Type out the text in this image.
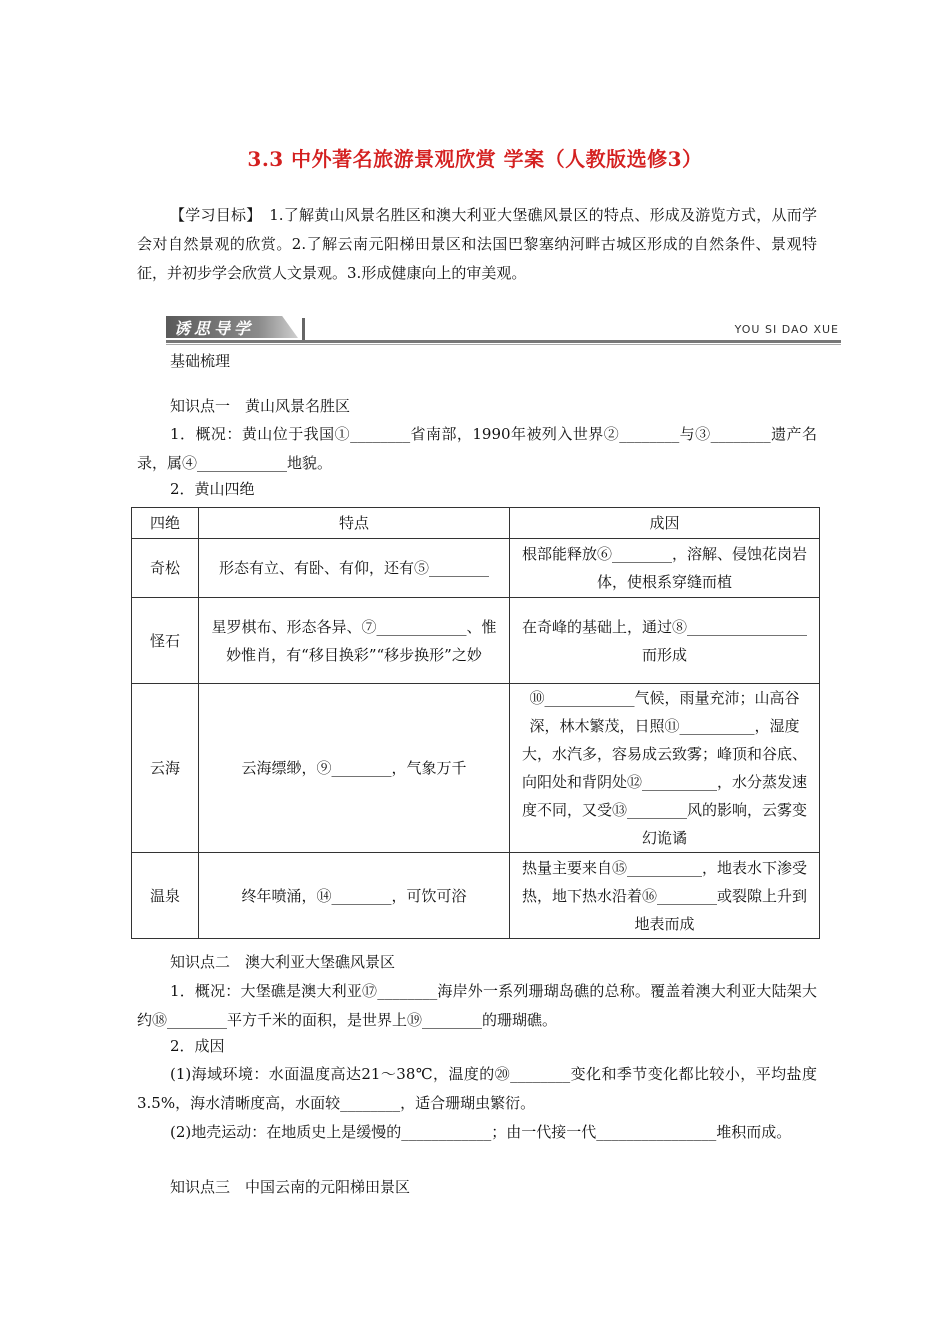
3.3 中外著名旅游景观欣赏 学案（人教版选修3）
【学习目标】　1.了解黄山风景名胜区和澳大利亚大堡礁风景区的特点、形成及游览方式，从而学会对自然景观的欣赏。2.了解云南元阳梯田景区和法国巴黎塞纳河畔古城区形成的自然条件、景观特征，并初步学会欣赏人文景观。3.形成健康向上的审美观。
诱思导学	YOU SI DAO XUE
基础梳理
知识点一　黄山风景名胜区
1．概况：黄山位于我国①________省南部，1990年被列入世界②________与③________遗产名录，属④____________地貌。
2．黄山四绝
四绝	特点	成因
奇松	形态有立、有卧、有仰，还有⑤________	根部能释放⑥________，溶解、侵蚀花岗岩体，使根系穿缝而植
怪石	星罗棋布、形态各异、⑦____________、惟妙惟肖，有“移目换彩”“移步换形”之妙	在奇峰的基础上，通过⑧________________而形成
云海	云海缥缈，⑨________，气象万千	⑩____________气候，雨量充沛；山高谷深，林木繁茂，日照⑪__________，湿度大，水汽多，容易成云致雾；峰顶和谷底、向阳处和背阴处⑫__________，水分蒸发速度不同，又受⑬________风的影响，云雾变幻诡谲
温泉	终年喷涌，⑭________，可饮可浴	热量主要来自⑮__________，地表水下渗受热，地下热水沿着⑯________或裂隙上升到地表而成
知识点二　澳大利亚大堡礁风景区
1．概况：大堡礁是澳大利亚⑰________海岸外一系列珊瑚岛礁的总称。覆盖着澳大利亚大陆架大约⑱________平方千米的面积，是世界上⑲________的珊瑚礁。
2．成因
(1)海域环境：水面温度高达21～38℃，温度的⑳________变化和季节变化都比较小，平均盐度3.5%，海水清晰度高，水面较________，适合珊瑚虫繁衍。
(2)地壳运动：在地质史上是缓慢的____________；由一代接一代________________堆积而成。
知识点三　中国云南的元阳梯田景区
